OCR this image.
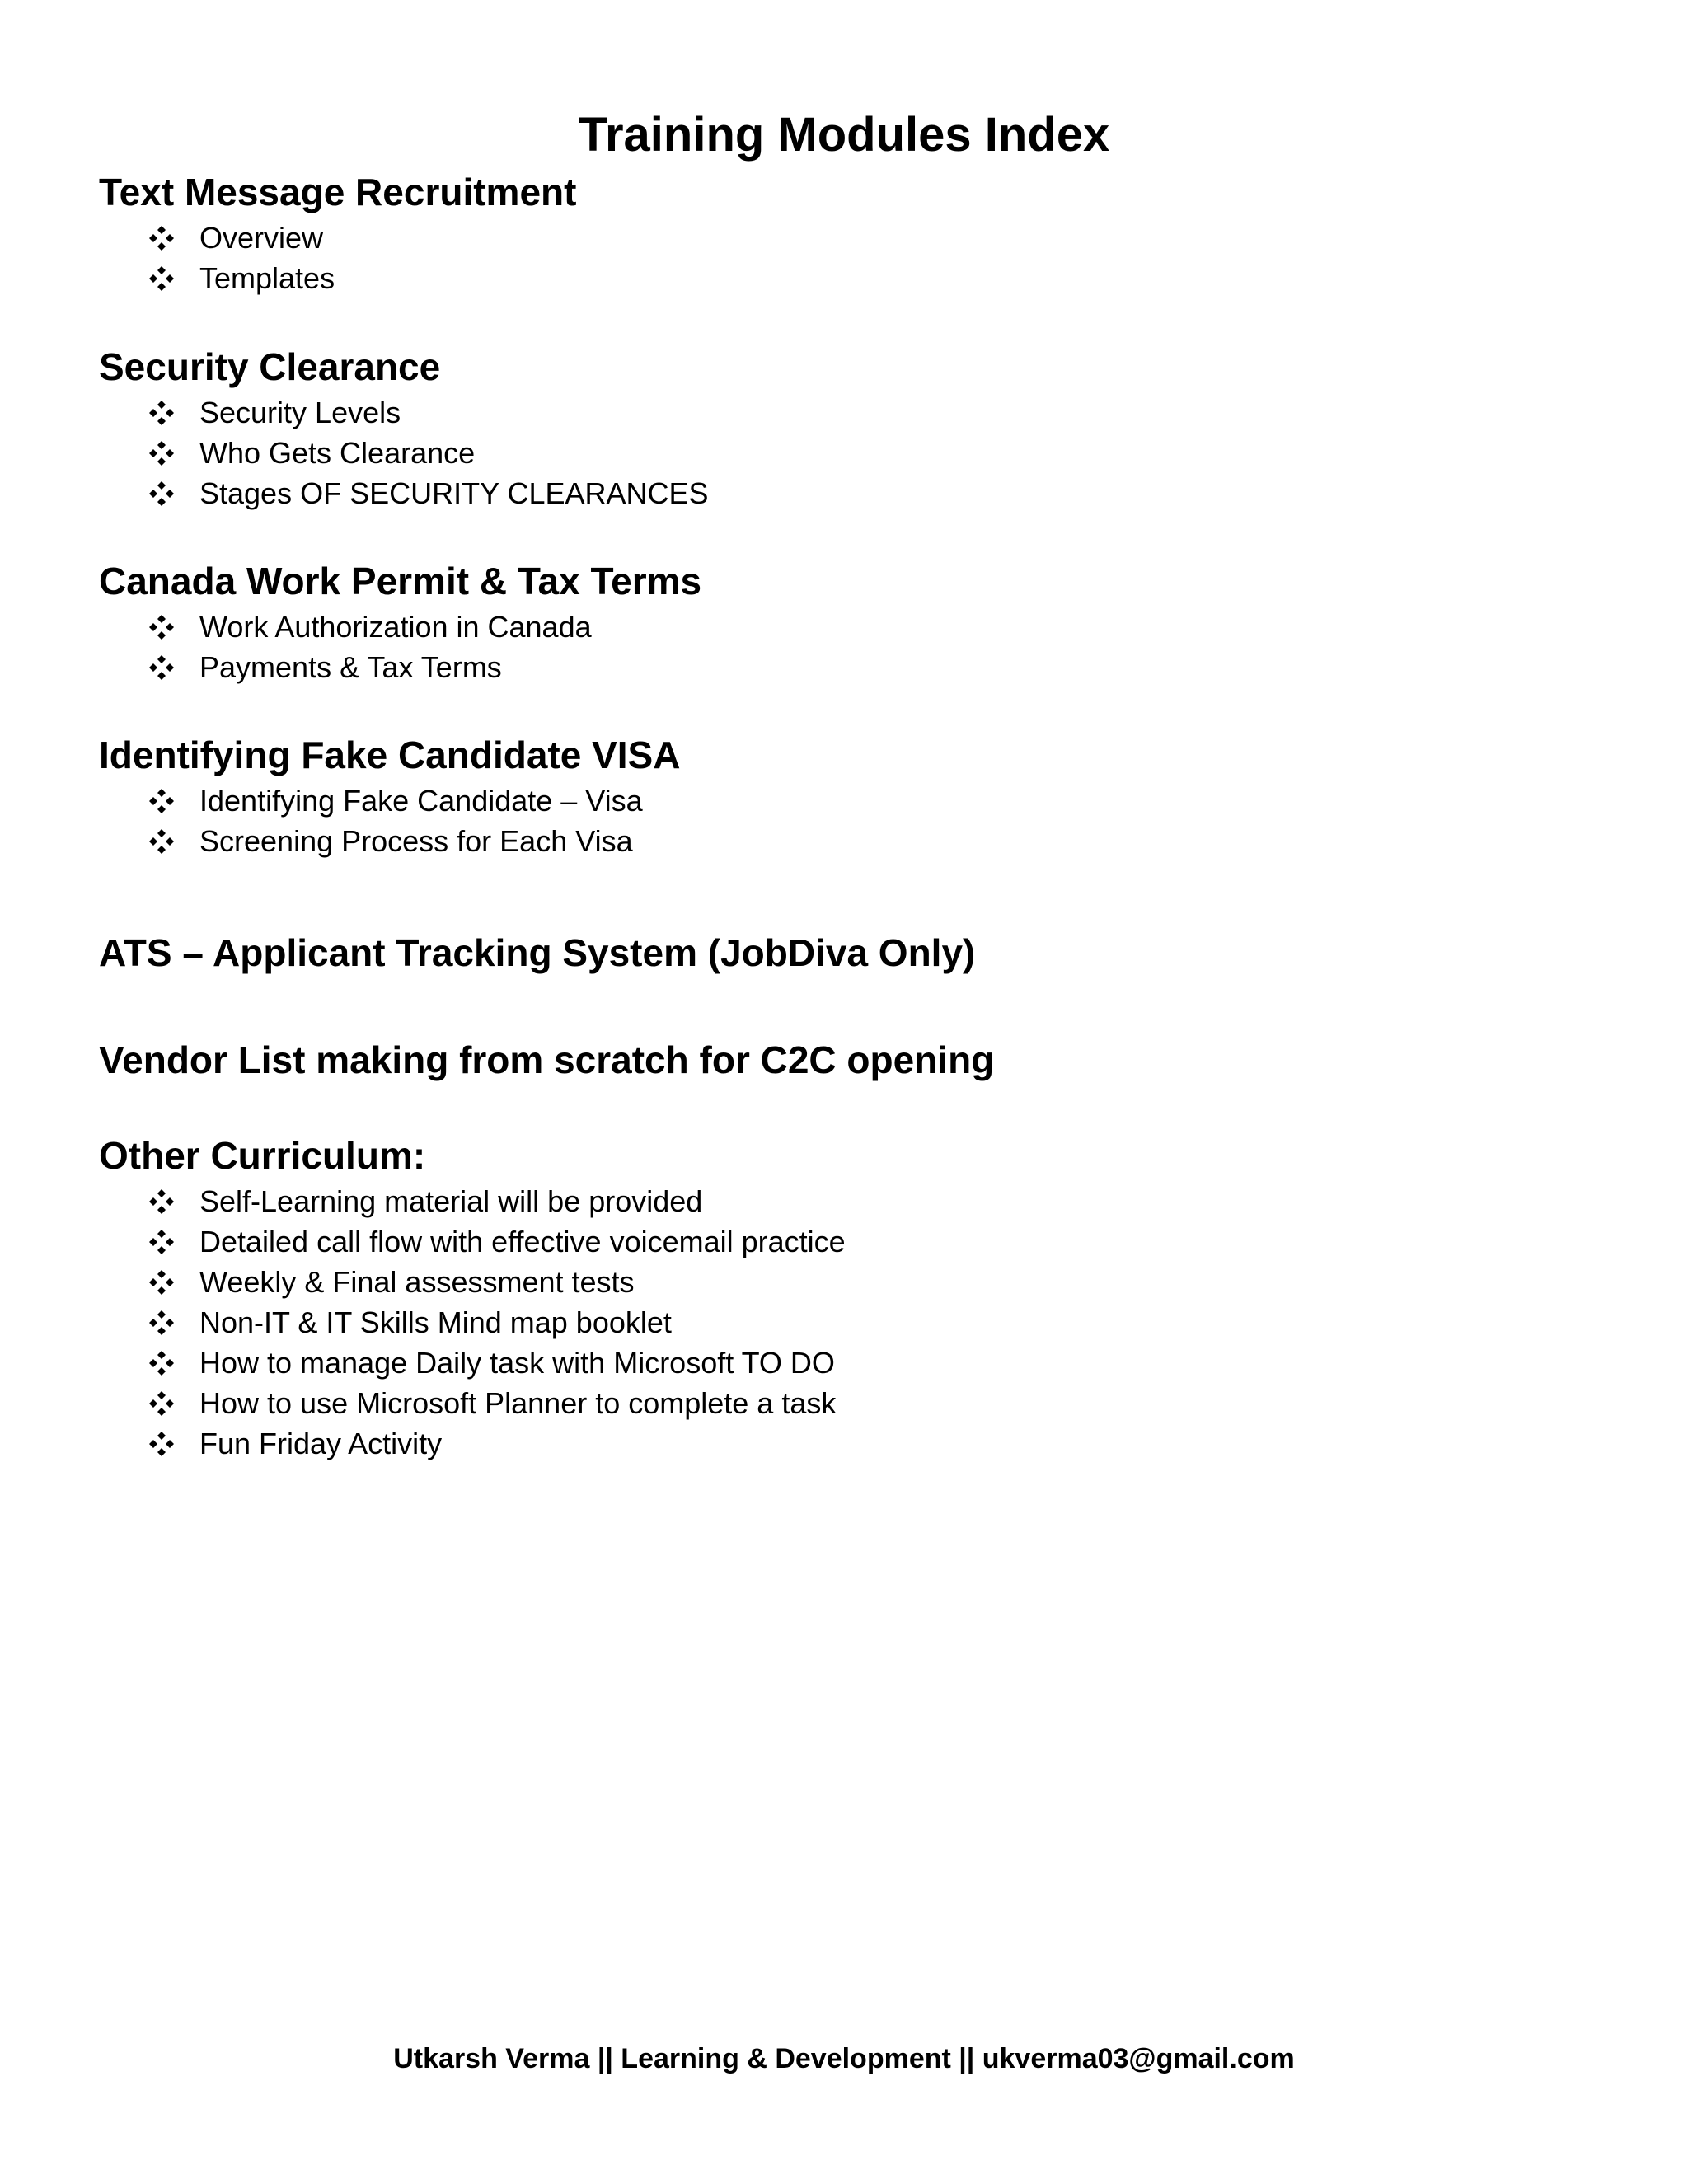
Training Modules Index
Text Message Recruitment
Overview
Templates
Security Clearance
Security Levels
Who Gets Clearance
Stages OF SECURITY CLEARANCES
Canada Work Permit & Tax Terms
Work Authorization in Canada
Payments & Tax Terms
Identifying Fake Candidate VISA
Identifying Fake Candidate – Visa
Screening Process for Each Visa
ATS – Applicant Tracking System (JobDiva Only)
Vendor List making from scratch for C2C opening
Other Curriculum:
Self-Learning material will be provided
Detailed call flow with effective voicemail practice
Weekly & Final assessment tests
Non-IT & IT Skills Mind map booklet
How to manage Daily task with Microsoft TO DO
How to use Microsoft Planner to complete a task
Fun Friday Activity
Utkarsh Verma || Learning & Development || ukverma03@gmail.com
